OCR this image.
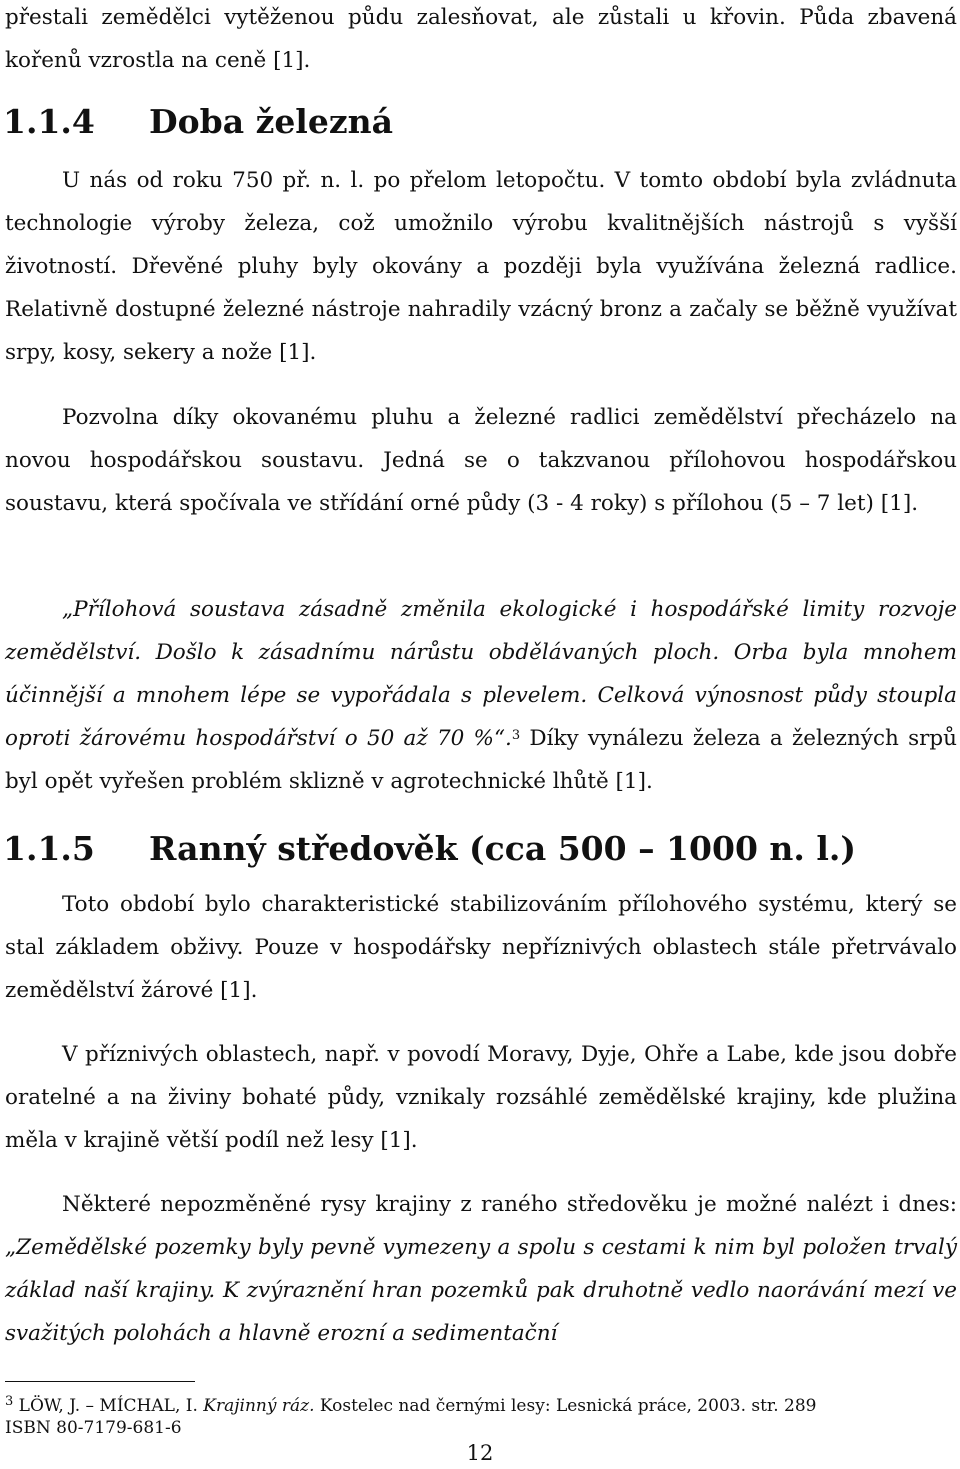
přestali zemědělci vytěženou půdu zalesňovat, ale zůstali u křovin. Půda zbavená kořenů vzrostla na ceně [1].

1.1.4 Doba železná

U nás od roku 750 př. n. l. po přelom letopočtu. V tomto období byla zvládnuta technologie výroby železa, což umožnilo výrobu kvalitnějších nástrojů s vyšší životností. Dřevěné pluhy byly okovány a později byla využívána železná radlice. Relativně dostupné železné nástroje nahradily vzácný bronz a začaly se běžně využívat srpy, kosy, sekery a nože [1].

Pozvolna díky okovanému pluhu a železné radlici zemědělství přecházelo na novou hospodářskou soustavu. Jedná se o takzvanou přílohovou hospodářskou soustavu, která spočívala ve střídání orné půdy (3 - 4 roky) s přílohou (5 – 7 let) [1].

„Přílohová soustava zásadně změnila ekologické i hospodářské limity rozvoje zemědělství. Došlo k zásadnímu nárůstu obdělávaných ploch. Orba byla mnohem účinnější a mnohem lépe se vypořádala s plevelem. Celková výnosnost půdy stoupla oproti žárovému hospodářství o 50 až 70 %“.$^3$ Díky vynálezu železa a železných srpů byl opět vyřešen problém sklizně v agrotechnické lhůtě [1].

1.1.5 Ranný středověk (cca 500 – 1000 n. l.)

Toto období bylo charakteristické stabilizováním přílohového systému, který se stal základem obživy. Pouze v hospodářsky nepříznivých oblastech stále přetrvávalo zemědělství žárové [1].

V příznivých oblastech, např. v povodí Moravy, Dyje, Ohře a Labe, kde jsou dobře oratelné a na živiny bohaté půdy, vznikaly rozsáhlé zemědělské krajiny, kde plužina měla v krajině větší podíl než lesy [1].

Některé nepozměněné rysy krajiny z raného středověku je možné nalézt i dnes: „Zemědělské pozemky byly pevně vymezeny a spolu s cestami k nim byl položen trvalý základ naší krajiny. K zvýraznění hran pozemků pak druhotně vedlo naorávání mezí ve svažitých polohách a hlavně erozní a sedimentační

$^3$ LÖW, J. – MÍCHAL, I. Krajinný ráz. Kostelec nad černými lesy: Lesnická práce, 2003. str. 289
ISBN 80-7179-681-6

12
